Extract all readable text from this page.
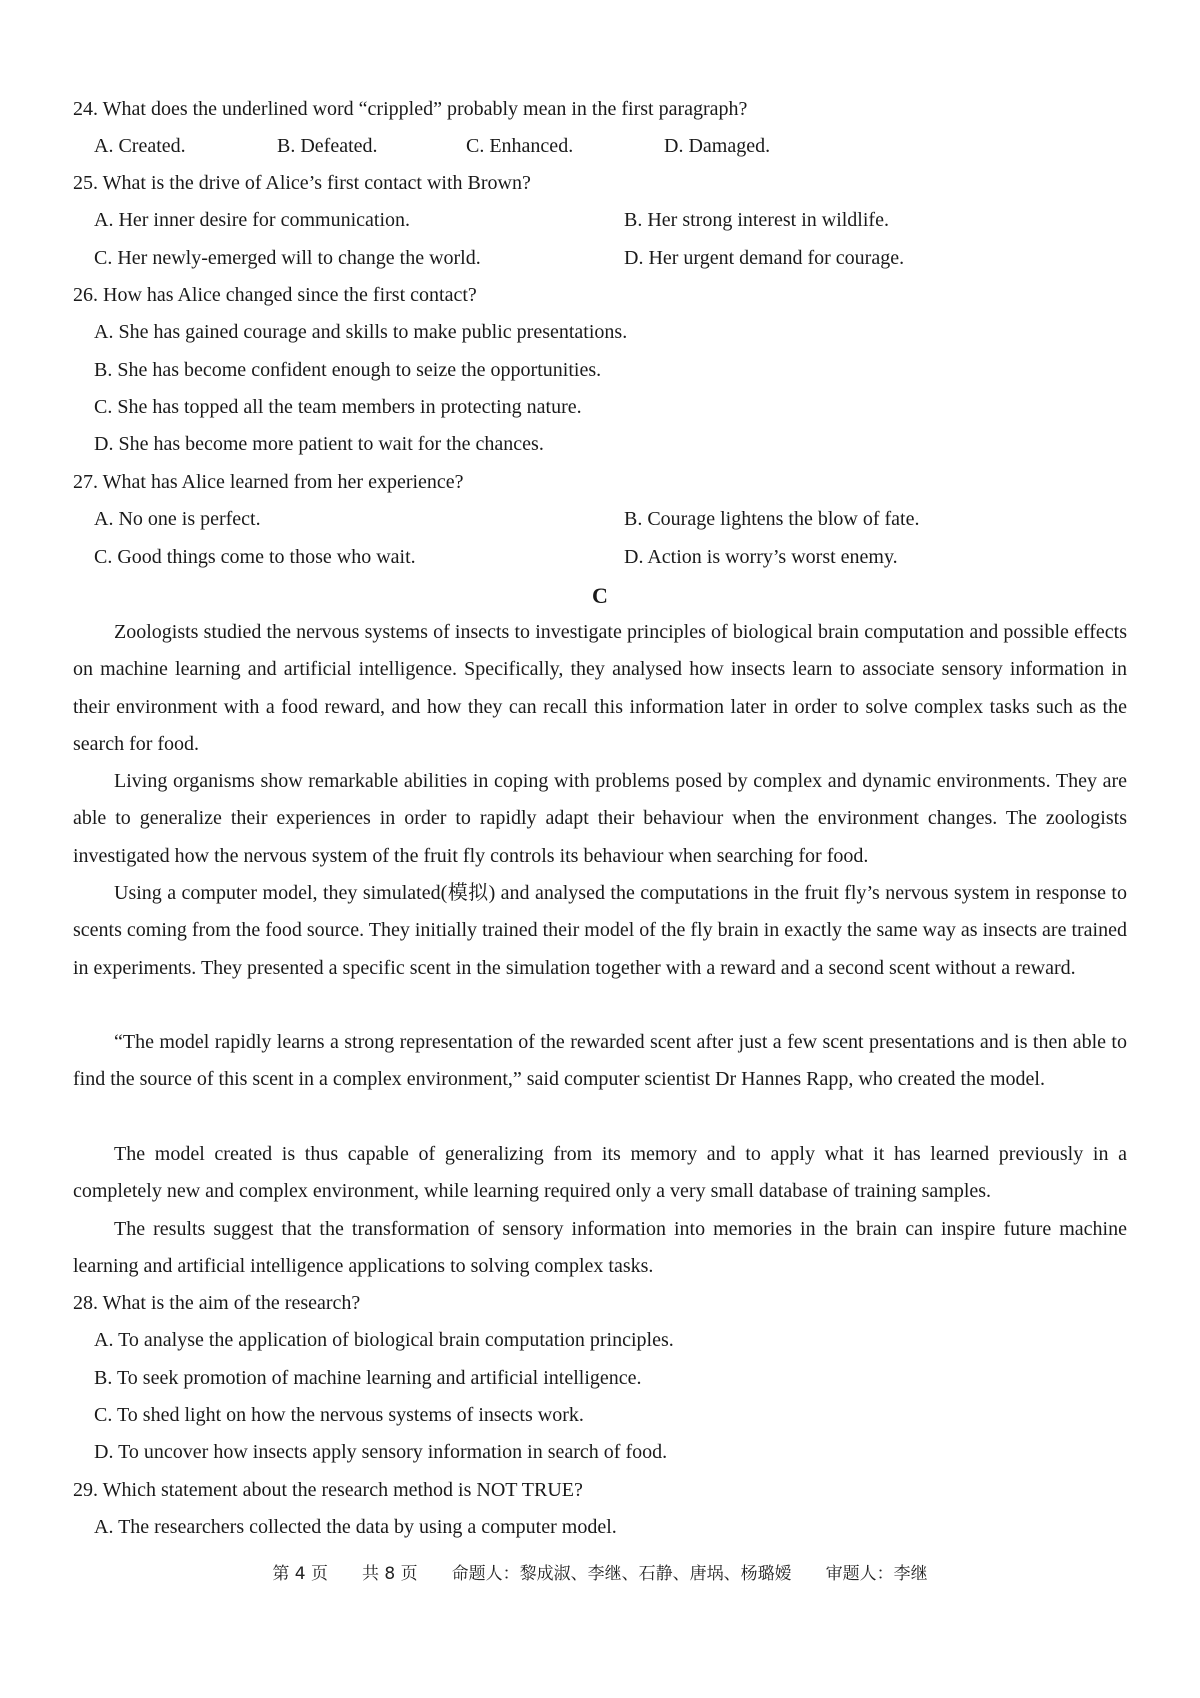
24. What does the underlined word “crippled” probably mean in the first paragraph?
A. Created.	B. Defeated.	C. Enhanced.	D. Damaged.
25. What is the drive of Alice’s first contact with Brown?
A. Her inner desire for communication.	B. Her strong interest in wildlife.
C. Her newly-emerged will to change the world.	D. Her urgent demand for courage.
26. How has Alice changed since the first contact?
A. She has gained courage and skills to make public presentations.
B. She has become confident enough to seize the opportunities.
C. She has topped all the team members in protecting nature.
D. She has become more patient to wait for the chances.
27. What has Alice learned from her experience?
A. No one is perfect.	B. Courage lightens the blow of fate.
C. Good things come to those who wait.	D. Action is worry’s worst enemy.
C

Zoologists studied the nervous systems of insects to investigate principles of biological brain computation and possible effects on machine learning and artificial intelligence. Specifically, they analysed how insects learn to associate sensory information in their environment with a food reward, and how they can recall this information later in order to solve complex tasks such as the search for food.

Living organisms show remarkable abilities in coping with problems posed by complex and dynamic environments. They are able to generalize their experiences in order to rapidly adapt their behaviour when the environment changes. The zoologists investigated how the nervous system of the fruit fly controls its behaviour when searching for food.

Using a computer model, they simulated(模拟) and analysed the computations in the fruit fly’s nervous system in response to scents coming from the food source. They initially trained their model of the fly brain in exactly the same way as insects are trained in experiments. They presented a specific scent in the simulation together with a reward and a second scent without a reward.

“The model rapidly learns a strong representation of the rewarded scent after just a few scent presentations and is then able to find the source of this scent in a complex environment,” said computer scientist Dr Hannes Rapp, who created the model.

The model created is thus capable of generalizing from its memory and to apply what it has learned previously in a completely new and complex environment, while learning required only a very small database of training samples.

The results suggest that the transformation of sensory information into memories in the brain can inspire future machine learning and artificial intelligence applications to solving complex tasks.

28. What is the aim of the research?
A. To analyse the application of biological brain computation principles.
B. To seek promotion of machine learning and artificial intelligence.
C. To shed light on how the nervous systems of insects work.
D. To uncover how insects apply sensory information in search of food.
29. Which statement about the research method is NOT TRUE?
A. The researchers collected the data by using a computer model.
第 4 页　　共 8 页　　命题人：黎成淑、李继、石静、唐埚、杨璐嫒　　审题人：李继
